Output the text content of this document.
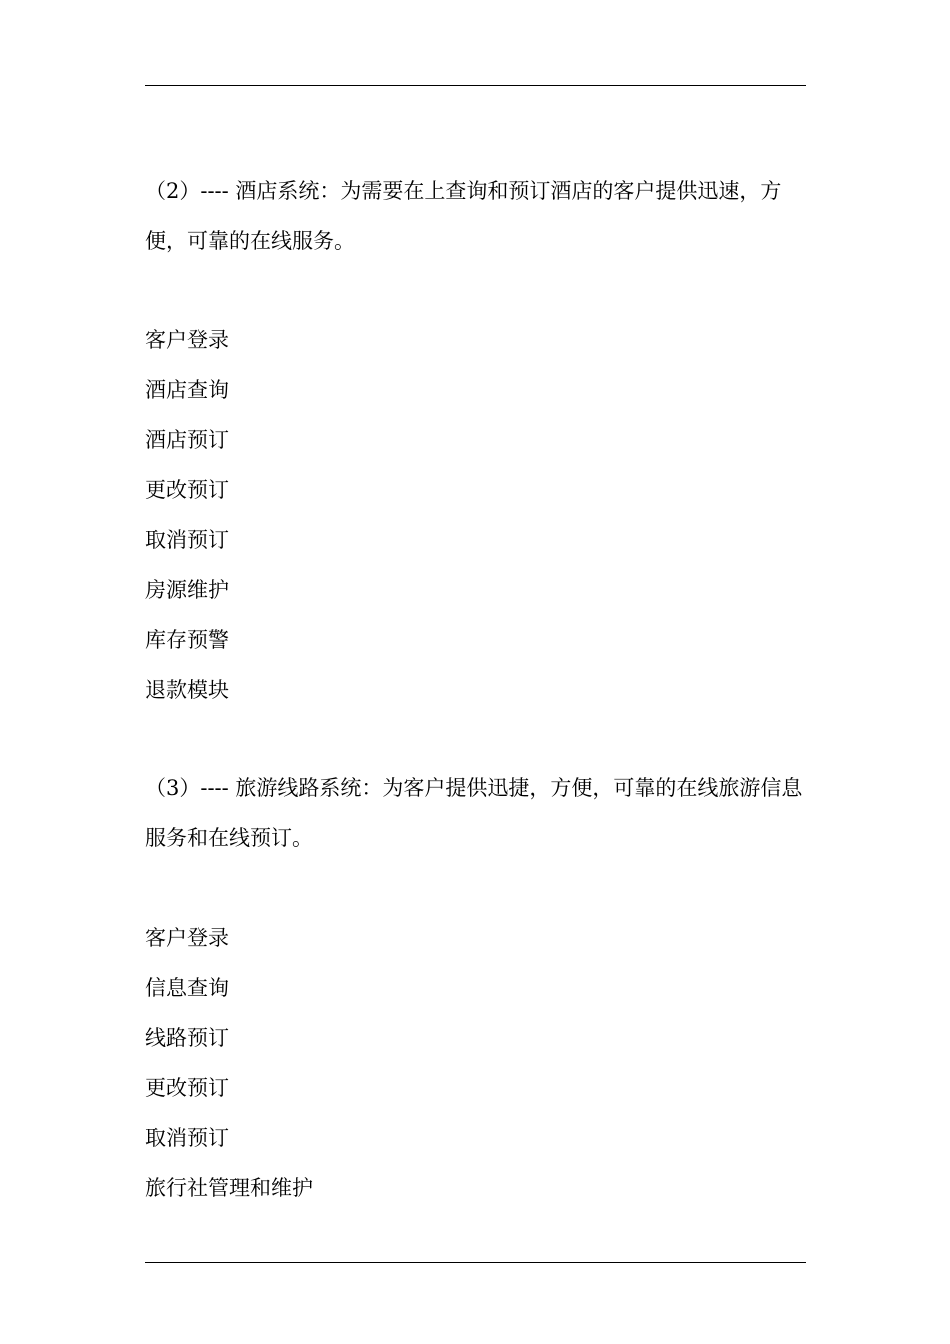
（2）---- 酒店系统：为需要在上查询和预订酒店的客户提供迅速，方便，可靠的在线服务。

客户登录
酒店查询
酒店预订
更改预订
取消预订
房源维护
库存预警
退款模块

（3）---- 旅游线路系统：为客户提供迅捷，方便，可靠的在线旅游信息服务和在线预订。

客户登录
信息查询
线路预订
更改预订
取消预订
旅行社管理和维护
